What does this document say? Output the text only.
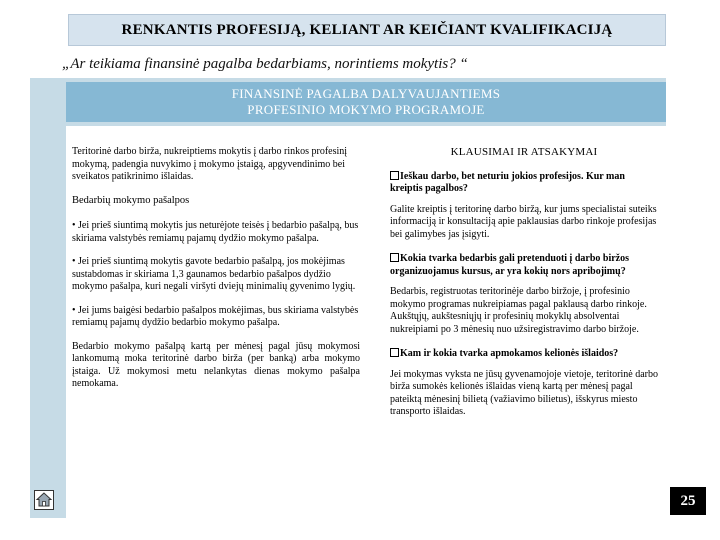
RENKANTIS PROFESIJĄ, KELIANT AR KEIČIANT KVALIFIKACIJĄ
„Ar teikiama finansinė pagalba bedarbiams, norintiems mokytis? “
FINANSINĖ PAGALBA DALYVAUJANTIEMS
PROFESINIO MOKYMO PROGRAMOJE

Teritorinė darbo birža, nukreiptiems mokytis į darbo rinkos profesinį mokymą, padengia nuvykimo į mokymo įstaigą, apgyvendinimo bei sveikatos patikrinimo išlaidas.

Bedarbių mokymo pašalpos

• Jei prieš siuntimą mokytis jus neturėjote teisės į bedarbio pašalpą, bus skiriama valstybės remiamų pajamų dydžio mokymo pašalpa.

• Jei prieš siuntimą mokytis gavote bedarbio pašalpą, jos mokėjimas sustabdomas ir skiriama 1,3 gaunamos bedarbio pašalpos dydžio mokymo pašalpa, kuri negali viršyti dviejų minimalių gyvenimo lygių.

• Jei jums baigėsi bedarbio pašalpos mokėjimas, bus skiriama valstybės remiamų pajamų dydžio bedarbio mokymo pašalpa.

Bedarbio mokymo pašalpą kartą per mėnesį pagal jūsų mokymosi lankomumą moka teritorinė darbo birža (per banką) arba mokymo įstaiga. Už mokymosi metu nelankytas dienas mokymo pašalpa nemokama.

KLAUSIMAI IR ATSAKYMAI
Ieškau darbo, bet neturiu jokios profesijos. Kur man kreiptis pagalbos?
Galite kreiptis į teritorinę darbo biržą, kur jums specialistai suteiks informaciją ir konsultaciją apie paklausias darbo rinkoje profesijas bei galimybes jas įsigyti.
Kokia tvarka bedarbis gali pretenduoti į darbo biržos organizuojamus kursus, ar yra kokių nors apribojimų?
Bedarbis, registruotas teritorinėje darbo biržoje, į profesinio mokymo programas nukreipiamas pagal paklausą darbo rinkoje. Aukštųjų, aukštesniųjų ir profesinių mokyklų absolventai nukreipiami po 3 mėnesių nuo užsiregistravimo darbo biržoje.
Kam ir kokia tvarka apmokamos kelionės išlaidos?
Jei mokymas vyksta ne jūsų gyvenamojoje vietoje, teritorinė darbo birža sumokės kelionės išlaidas vieną kartą per mėnesį pagal pateiktą mėnesinį bilietą (važiavimo bilietus), išskyrus miesto transporto išlaidas.
25
